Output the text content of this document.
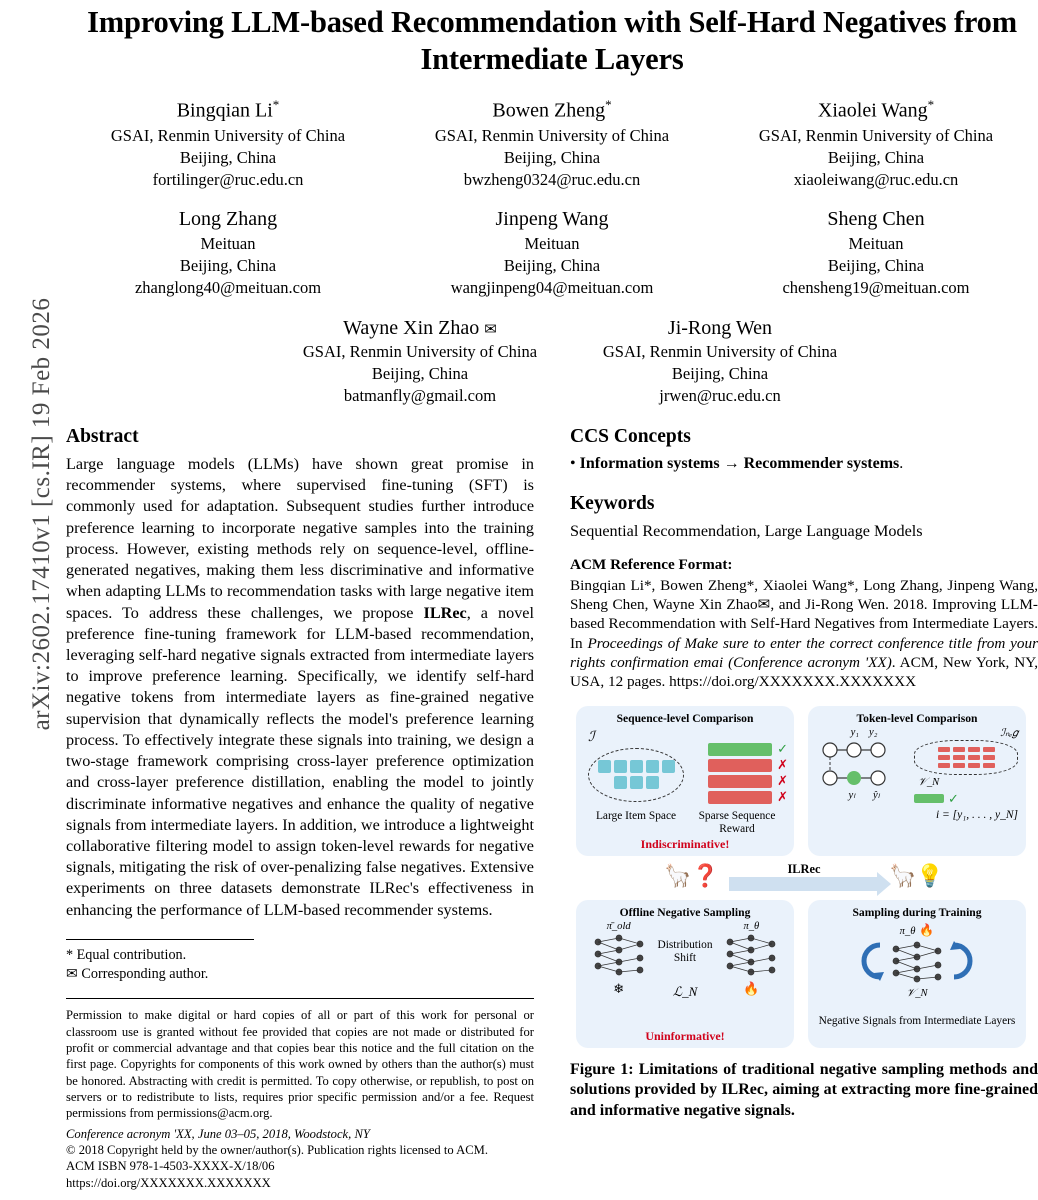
arXiv:2602.17410v1 [cs.IR] 19 Feb 2026
Improving LLM-based Recommendation with Self-Hard Negatives from Intermediate Layers
Bingqian Li*
GSAI, Renmin University of China
Beijing, China
fortilinger@ruc.edu.cn
Bowen Zheng*
GSAI, Renmin University of China
Beijing, China
bwzheng0324@ruc.edu.cn
Xiaolei Wang*
GSAI, Renmin University of China
Beijing, China
xiaoleiwang@ruc.edu.cn
Long Zhang
Meituan
Beijing, China
zhanglong40@meituan.com
Jinpeng Wang
Meituan
Beijing, China
wangjinpeng04@meituan.com
Sheng Chen
Meituan
Beijing, China
chensheng19@meituan.com
Wayne Xin Zhao ✉
GSAI, Renmin University of China
Beijing, China
batmanfly@gmail.com
Ji-Rong Wen
GSAI, Renmin University of China
Beijing, China
jrwen@ruc.edu.cn
Abstract
Large language models (LLMs) have shown great promise in recommender systems, where supervised fine-tuning (SFT) is commonly used for adaptation. Subsequent studies further introduce preference learning to incorporate negative samples into the training process. However, existing methods rely on sequence-level, offline-generated negatives, making them less discriminative and informative when adapting LLMs to recommendation tasks with large negative item spaces. To address these challenges, we propose ILRec, a novel preference fine-tuning framework for LLM-based recommendation, leveraging self-hard negative signals extracted from intermediate layers to improve preference learning. Specifically, we identify self-hard negative tokens from intermediate layers as fine-grained negative supervision that dynamically reflects the model's preference learning process. To effectively integrate these signals into training, we design a two-stage framework comprising cross-layer preference optimization and cross-layer preference distillation, enabling the model to jointly discriminate informative negatives and enhance the quality of negative signals from intermediate layers. In addition, we introduce a lightweight collaborative filtering model to assign token-level rewards for negative signals, mitigating the risk of over-penalizing false negatives. Extensive experiments on three datasets demonstrate ILRec's effectiveness in enhancing the performance of LLM-based recommender systems.
* Equal contribution.
✉ Corresponding author.
Permission to make digital or hard copies of all or part of this work for personal or classroom use is granted without fee provided that copies are not made or distributed for profit or commercial advantage and that copies bear this notice and the full citation on the first page. Copyrights for components of this work owned by others than the author(s) must be honored. Abstracting with credit is permitted. To copy otherwise, or republish, to post on servers or to redistribute to lists, requires prior specific permission and/or a fee. Request permissions from permissions@acm.org.
Conference acronym 'XX, June 03–05, 2018, Woodstock, NY
© 2018 Copyright held by the owner/author(s). Publication rights licensed to ACM.
ACM ISBN 978-1-4503-XXXX-X/18/06
https://doi.org/XXXXXXX.XXXXXXX
CCS Concepts
• Information systems → Recommender systems.
Keywords
Sequential Recommendation, Large Language Models
ACM Reference Format:
Bingqian Li*, Bowen Zheng*, Xiaolei Wang*, Long Zhang, Jinpeng Wang, Sheng Chen, Wayne Xin Zhao✉, and Ji-Rong Wen. 2018. Improving LLM-based Recommendation with Self-Hard Negatives from Intermediate Layers. In Proceedings of Make sure to enter the correct conference title from your rights confirmation emai (Conference acronym 'XX). ACM, New York, NY, USA, 12 pages. https://doi.org/XXXXXXX.XXXXXXX
Sequence-level Comparison
ℐ
✓
✗
✗
✗
Large Item Space	Sparse Sequence Reward
Indiscriminative!
Token-level Comparison
y₁ y₂
yₗ ŷₗ
ℐₙₑ𝑔
𝒱_N
✓
i = [y₁, . . . , y_N]
🦙❓	ILRec	🦙💡
Offline Negative Sampling
π̄_old
❄
Distribution Shift
π_θ
🔥
ℒ_N
Uninformative!
Sampling during Training
π_θ 🔥
𝒱_N
Negative Signals from Intermediate Layers
Figure 1: Limitations of traditional negative sampling methods and solutions provided by ILRec, aiming at extracting more fine-grained and informative negative signals.
